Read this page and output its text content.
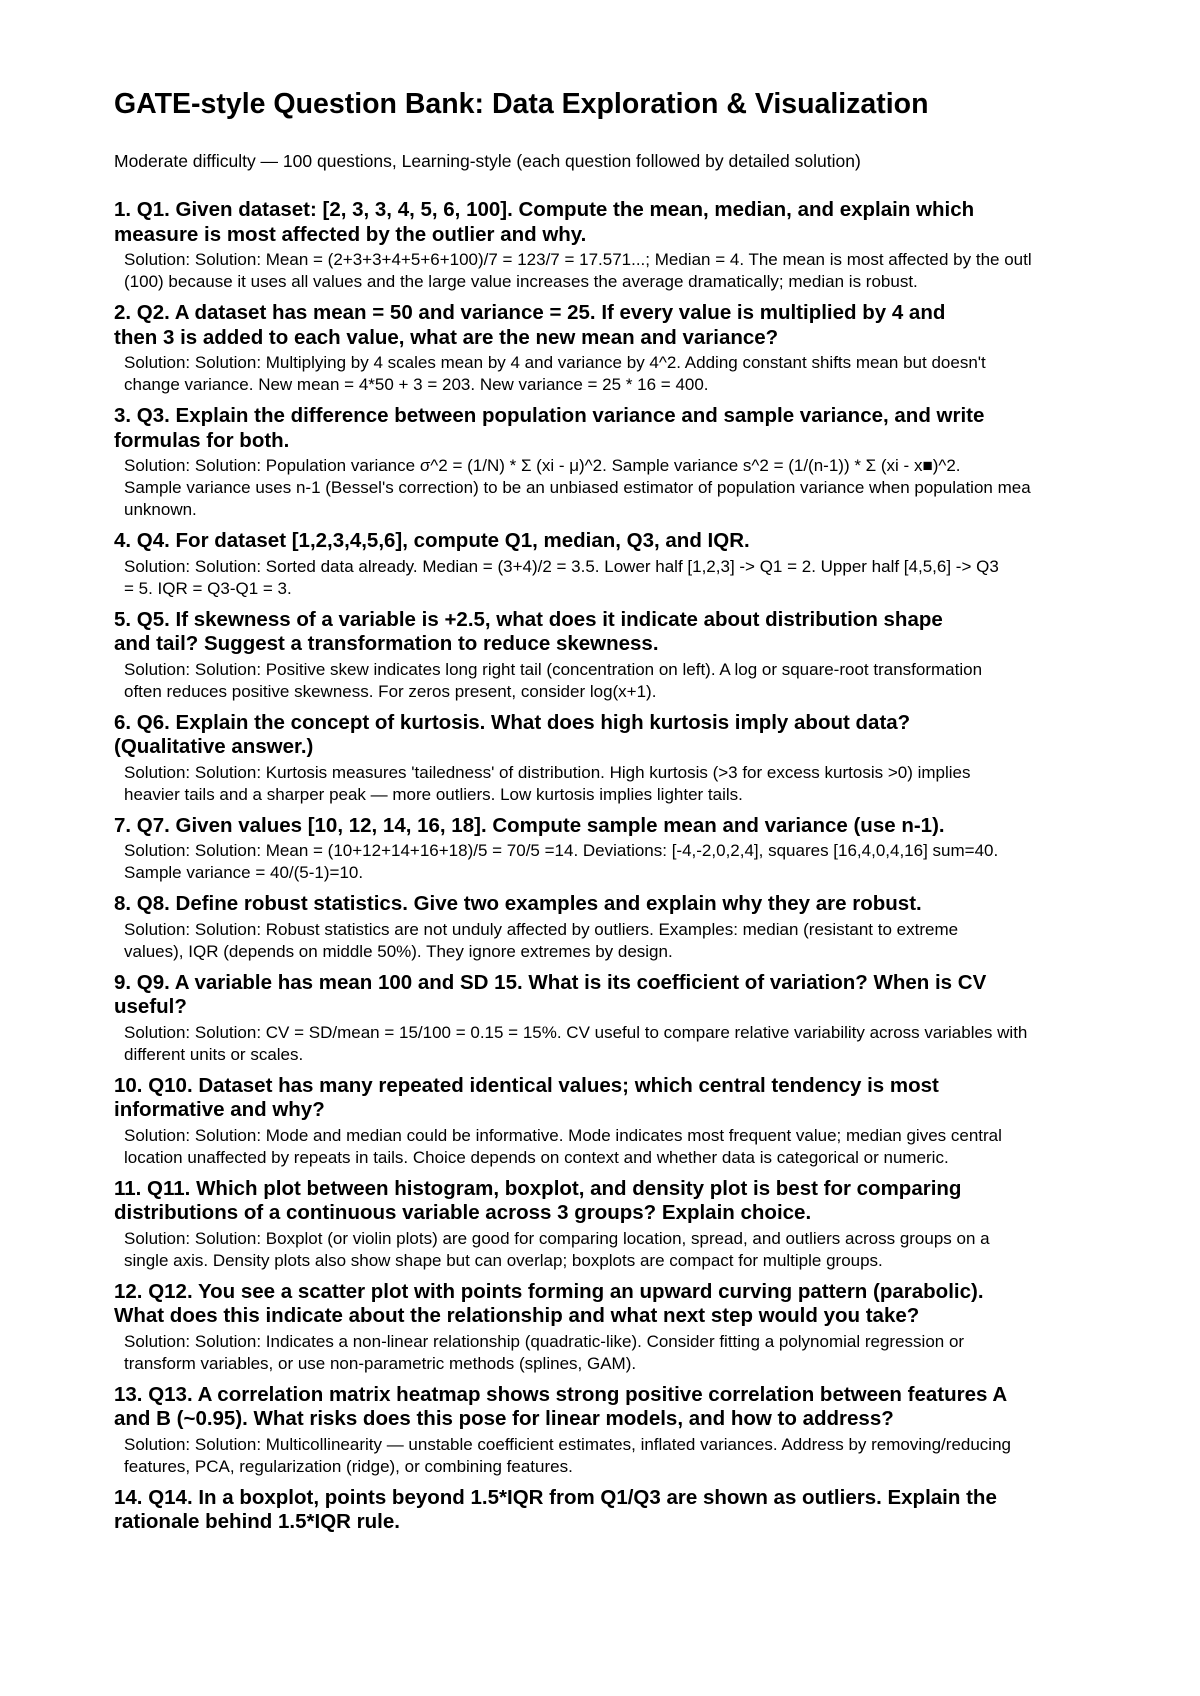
GATE-style Question Bank: Data Exploration & Visualization

Moderate difficulty — 100 questions, Learning-style (each question followed by detailed solution)

1. Q1. Given dataset: [2, 3, 3, 4, 5, 6, 100]. Compute the mean, median, and explain which
measure is most affected by the outlier and why.

Solution: Solution: Mean = (2+3+3+4+5+6+100)/7 = 123/7 = 17.571...; Median = 4. The mean is most affected by the outl
(100) because it uses all values and the large value increases the average dramatically; median is robust.

2. Q2. A dataset has mean = 50 and variance = 25. If every value is multiplied by 4 and
then 3 is added to each value, what are the new mean and variance?

Solution: Solution: Multiplying by 4 scales mean by 4 and variance by 4^2. Adding constant shifts mean but doesn't
change variance. New mean = 4*50 + 3 = 203. New variance = 25 * 16 = 400.

3. Q3. Explain the difference between population variance and sample variance, and write
formulas for both.

Solution: Solution: Population variance σ^2 = (1/N) * Σ (xi - μ)^2. Sample variance s^2 = (1/(n-1)) * Σ (xi - x■)^2.
Sample variance uses n-1 (Bessel's correction) to be an unbiased estimator of population variance when population mea
unknown.

4. Q4. For dataset [1,2,3,4,5,6], compute Q1, median, Q3, and IQR.

Solution: Solution: Sorted data already. Median = (3+4)/2 = 3.5. Lower half [1,2,3] -> Q1 = 2. Upper half [4,5,6] -> Q3
= 5. IQR = Q3-Q1 = 3.

5. Q5. If skewness of a variable is +2.5, what does it indicate about distribution shape
and tail? Suggest a transformation to reduce skewness.

Solution: Solution: Positive skew indicates long right tail (concentration on left). A log or square-root transformation
often reduces positive skewness. For zeros present, consider log(x+1).

6. Q6. Explain the concept of kurtosis. What does high kurtosis imply about data?
(Qualitative answer.)

Solution: Solution: Kurtosis measures 'tailedness' of distribution. High kurtosis (>3 for excess kurtosis >0) implies
heavier tails and a sharper peak — more outliers. Low kurtosis implies lighter tails.

7. Q7. Given values [10, 12, 14, 16, 18]. Compute sample mean and variance (use n-1).

Solution: Solution: Mean = (10+12+14+16+18)/5 = 70/5 =14. Deviations: [-4,-2,0,2,4], squares [16,4,0,4,16] sum=40.
Sample variance = 40/(5-1)=10.

8. Q8. Define robust statistics. Give two examples and explain why they are robust.

Solution: Solution: Robust statistics are not unduly affected by outliers. Examples: median (resistant to extreme
values), IQR (depends on middle 50%). They ignore extremes by design.

9. Q9. A variable has mean 100 and SD 15. What is its coefficient of variation? When is CV
useful?

Solution: Solution: CV = SD/mean = 15/100 = 0.15 = 15%. CV useful to compare relative variability across variables with
different units or scales.

10. Q10. Dataset has many repeated identical values; which central tendency is most
informative and why?

Solution: Solution: Mode and median could be informative. Mode indicates most frequent value; median gives central
location unaffected by repeats in tails. Choice depends on context and whether data is categorical or numeric.

11. Q11. Which plot between histogram, boxplot, and density plot is best for comparing
distributions of a continuous variable across 3 groups? Explain choice.

Solution: Solution: Boxplot (or violin plots) are good for comparing location, spread, and outliers across groups on a
single axis. Density plots also show shape but can overlap; boxplots are compact for multiple groups.

12. Q12. You see a scatter plot with points forming an upward curving pattern (parabolic).
What does this indicate about the relationship and what next step would you take?

Solution: Solution: Indicates a non-linear relationship (quadratic-like). Consider fitting a polynomial regression or
transform variables, or use non-parametric methods (splines, GAM).

13. Q13. A correlation matrix heatmap shows strong positive correlation between features A
and B (~0.95). What risks does this pose for linear models, and how to address?

Solution: Solution: Multicollinearity — unstable coefficient estimates, inflated variances. Address by removing/reducing
features, PCA, regularization (ridge), or combining features.

14. Q14. In a boxplot, points beyond 1.5*IQR from Q1/Q3 are shown as outliers. Explain the
rationale behind 1.5*IQR rule.
